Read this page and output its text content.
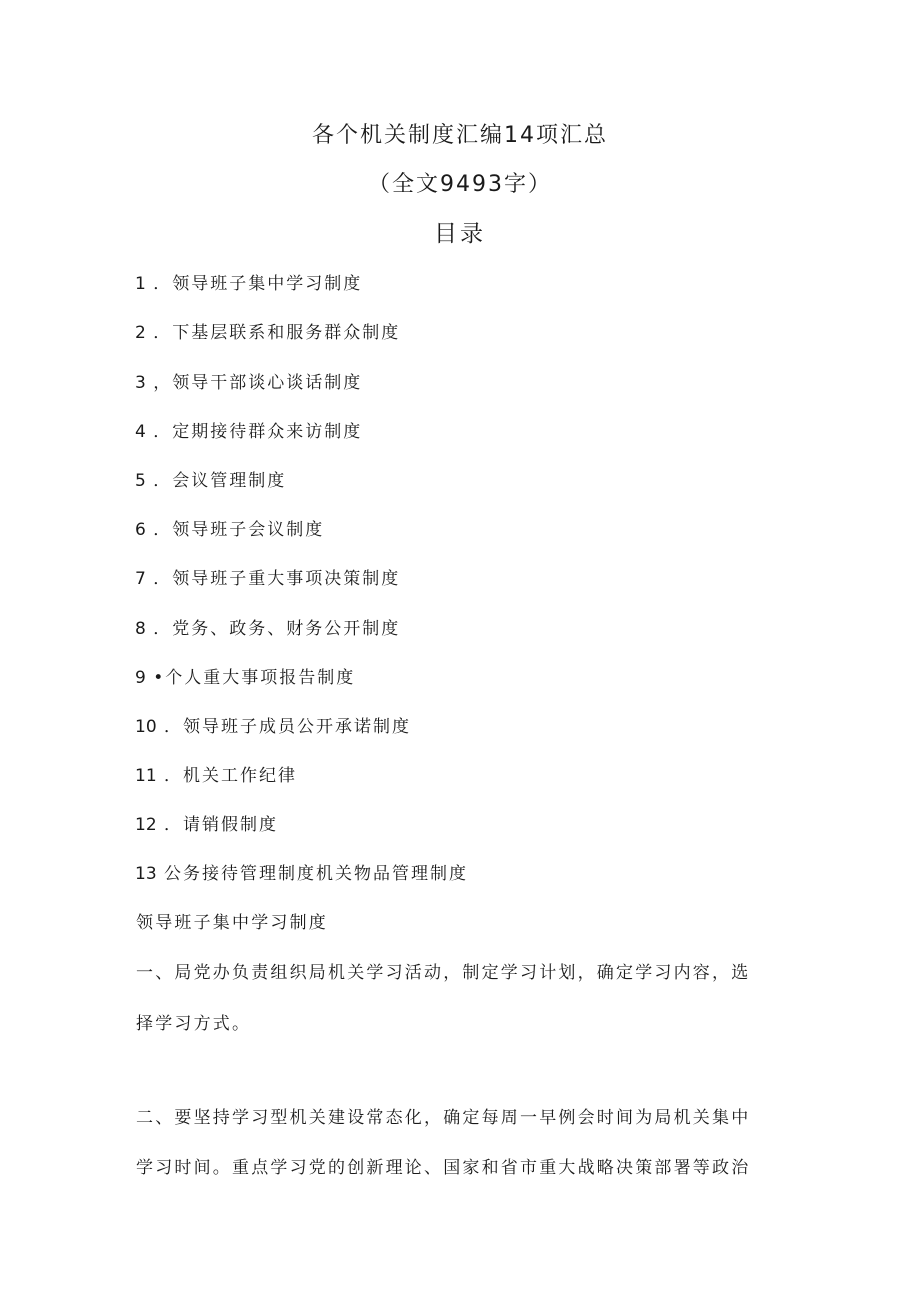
各个机关制度汇编14项汇总
（全文9493字）
目录
1 ．领导班子集中学习制度
2 ．下基层联系和服务群众制度
3 ，领导干部谈心谈话制度
4 ．定期接待群众来访制度
5 ．会议管理制度
6 ．领导班子会议制度
7 ．领导班子重大事项决策制度
8 ．党务、政务、财务公开制度
9 •个人重大事项报告制度
10 ．领导班子成员公开承诺制度
11 ．机关工作纪律
12 ．请销假制度
13 公务接待管理制度机关物品管理制度
领导班子集中学习制度
一、局党办负责组织局机关学习活动，制定学习计划，确定学习内容，选
择学习方式。
二、要坚持学习型机关建设常态化，确定每周一早例会时间为局机关集中
学习时间。重点学习党的创新理论、国家和省市重大战略决策部署等政治
